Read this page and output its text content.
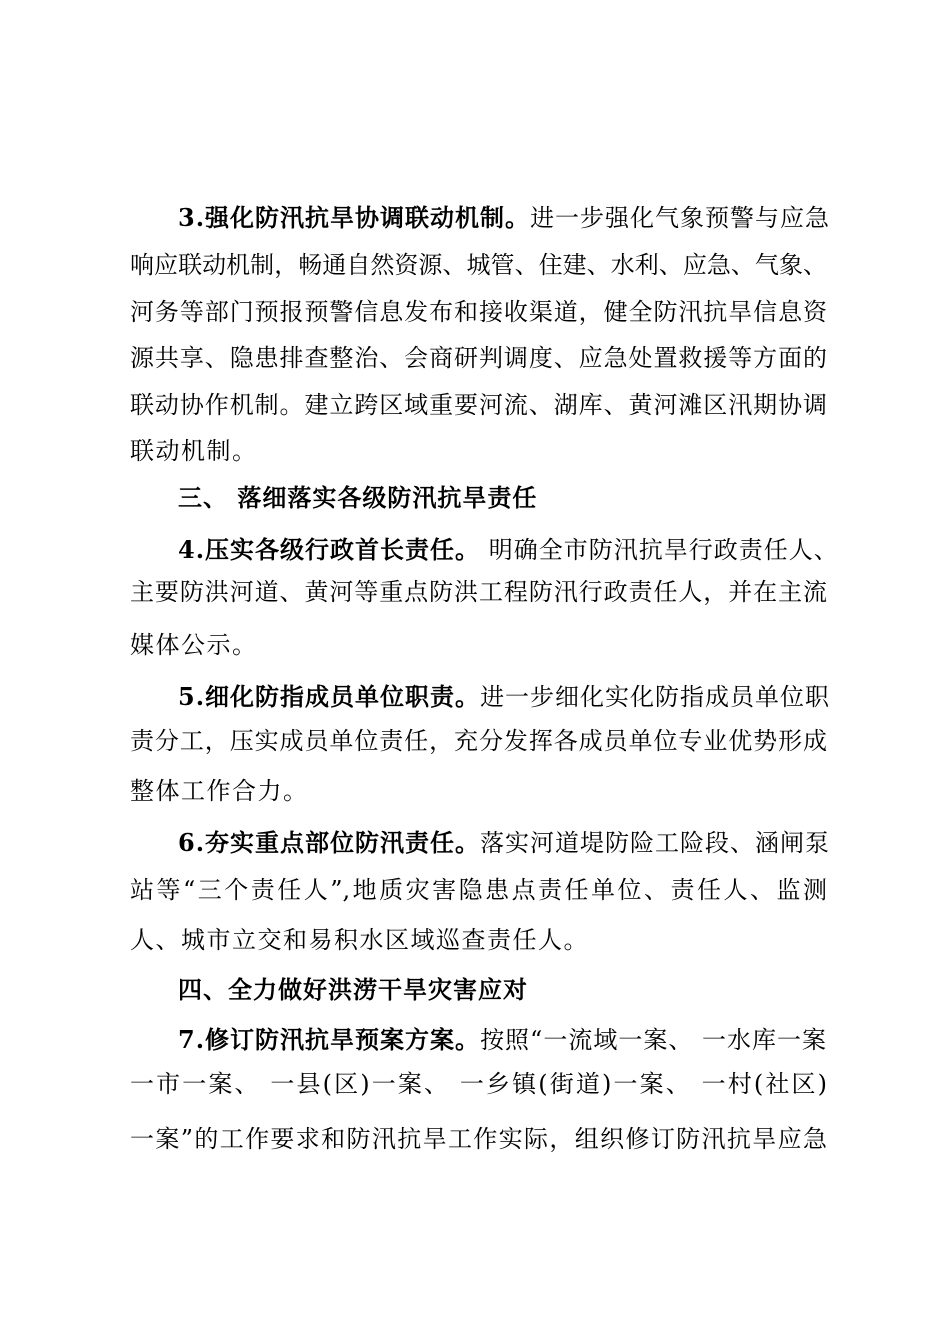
3.强化防汛抗旱协调联动机制。进一步强化气象预警与应急
响应联动机制，畅通自然资源、城管、住建、水利、应急、气象、
河务等部门预报预警信息发布和接收渠道，健全防汛抗旱信息资
源共享、隐患排查整治、会商研判调度、应急处置救援等方面的
联动协作机制。建立跨区域重要河流、湖库、黄河滩区汛期协调
联动机制。
三、 落细落实各级防汛抗旱责任
4.压实各级行政首长责任。 明确全市防汛抗旱行政责任人、
主要防洪河道、黄河等重点防洪工程防汛行政责任人，并在主流
媒体公示。
5.细化防指成员单位职责。进一步细化实化防指成员单位职
责分工，压实成员单位责任，充分发挥各成员单位专业优势形成
整体工作合力。
6.夯实重点部位防汛责任。落实河道堤防险工险段、涵闸泵
站等“三个责任人”,地质灾害隐患点责任单位、责任人、监测
人、城市立交和易积水区域巡查责任人。
四、全力做好洪涝干旱灾害应对
7.修订防汛抗旱预案方案。按照“一流域一案、 一水库一案
一市一案、 一县(区)一案、 一乡镇(街道)一案、 一村(社区)
一案”的工作要求和防汛抗旱工作实际，组织修订防汛抗旱应急
